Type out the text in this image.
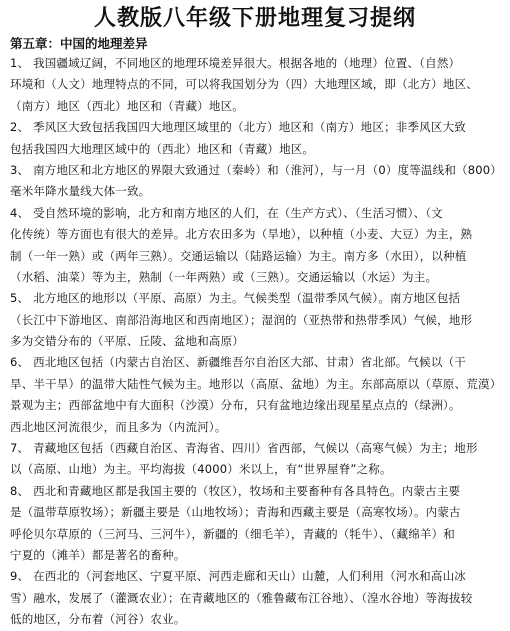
人教版八年级下册地理复习提纲
第五章：中国的地理差异
1、 我国疆域辽阔，不同地区的地理环境差异很大。根据各地的（地理）位置、（自然）
环境和（人文）地理特点的不同，可以将我国划分为（四）大地理区域，即（北方）地区、
（南方）地区（西北）地区和（青藏）地区。
2、 季风区大致包括我国四大地理区域里的（北方）地区和（南方）地区；非季风区大致
包括我国四大地理区域中的（西北）地区和（青藏）地区。
3、 南方地区和北方地区的界限大致通过（秦岭）和（淮河），与一月（0）度等温线和（800）
毫米年降水量线大体一致。
4、 受自然环境的影响，北方和南方地区的人们，在（生产方式）、（生活习惯）、（文
化传统）等方面也有很大的差异。北方农田多为（旱地），以种植（小麦、大豆）为主，熟
制（一年一熟）或（两年三熟）。交通运输以（陆路运输）为主。南方多（水田），以种植
（水稻、油菜）等为主，熟制（一年两熟）或（三熟）。交通运输以（水运）为主。
5、 北方地区的地形以（平原、高原）为主。气候类型（温带季风气候）。南方地区包括
（长江中下游地区、南部沿海地区和西南地区）；湿润的（亚热带和热带季风）气候，地形
多为交错分布的（平原、丘陵、盆地和高原）
6、 西北地区包括（内蒙古自治区、新疆维吾尔自治区大部、甘肃）省北部。气候以（干
旱、半干旱）的温带大陆性气候为主。地形以（高原、盆地）为主。东部高原以（草原、荒漠）
景观为主；西部盆地中有大面积（沙漠）分布，只有盆地边缘出现星星点点的（绿洲）。
西北地区河流很少，而且多为（内流河）。
7、 青藏地区包括（西藏自治区、青海省、四川）省西部，气候以（高寒气候）为主；地形
以（高原、山地）为主。平均海拔（4000）米以上，有“世界屋脊”之称。
8、 西北和青藏地区都是我国主要的（牧区），牧场和主要畜种有各具特色。内蒙古主要
是（温带草原牧场）；新疆主要是（山地牧场）；青海和西藏主要是（高寒牧场）。内蒙古
呼伦贝尔草原的（三河马、三河牛），新疆的（细毛羊），青藏的（牦牛）、（藏绵羊）和
宁夏的（滩羊）都是著名的畜种。
9、 在西北的（河套地区、宁夏平原、河西走廊和天山）山麓，人们利用（河水和高山冰
雪）融水，发展了（灌溉农业）；在青藏地区的（雅鲁藏布江谷地）、（湟水谷地）等海拔较
低的地区，分布着（河谷）农业。
